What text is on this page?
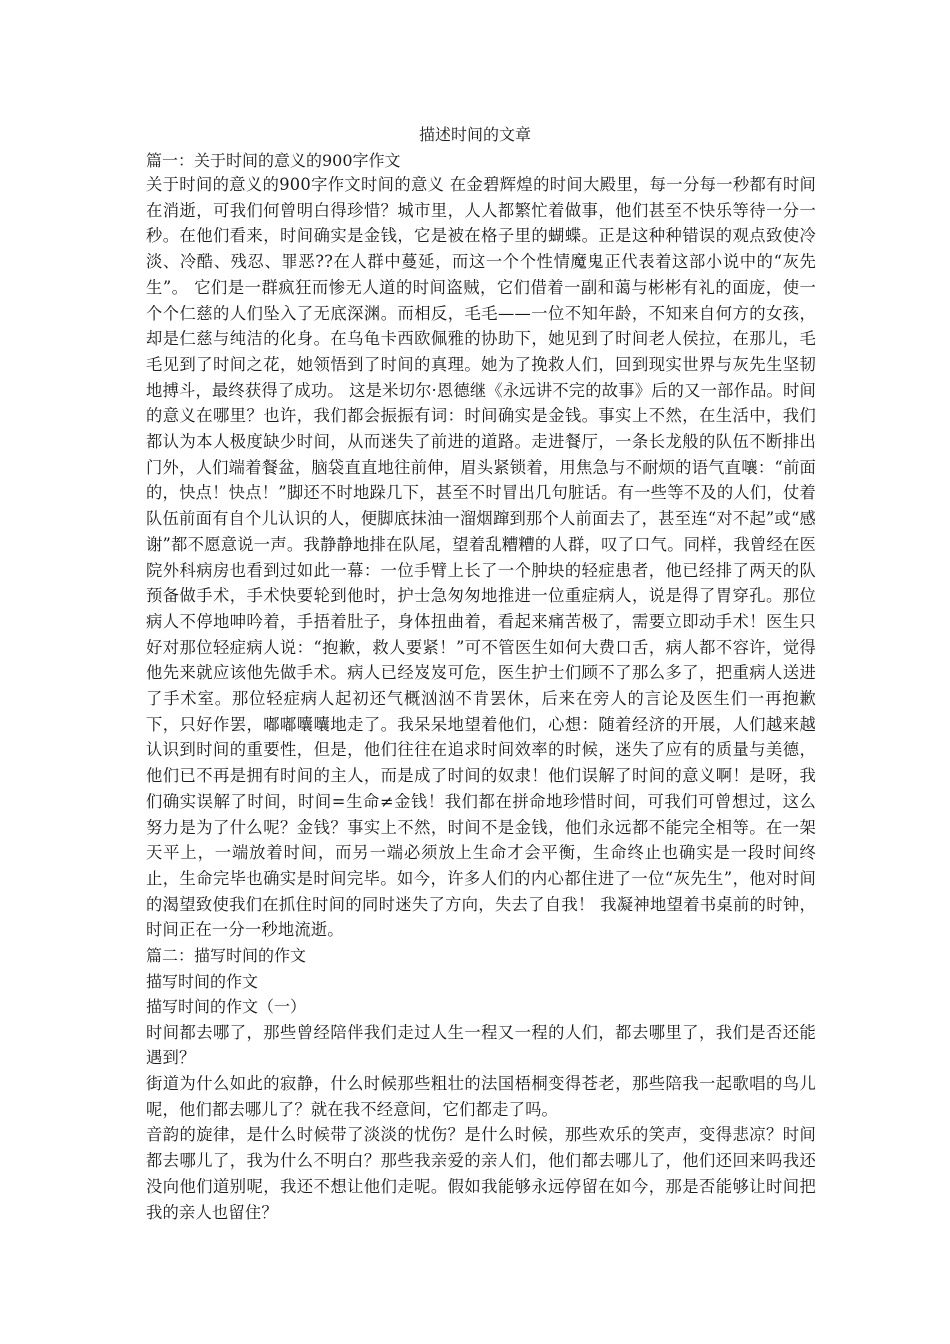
描述时间的文章

篇一：关于时间的意义的900字作文

关于时间的意义的900字作文时间的意义 在金碧辉煌的时间大殿里，每一分每一秒都有时间在消逝，可我们何曾明白得珍惜？城市里，人人都繁忙着做事，他们甚至不快乐等待一分一秒。在他们看来，时间确实是金钱，它是被在格子里的蝴蝶。正是这种种错误的观点致使冷淡、冷酷、残忍、罪恶??在人群中蔓延，而这一个个性情魔鬼正代表着这部小说中的“灰先生”。 它们是一群疯狂而惨无人道的时间盗贼，它们借着一副和蔼与彬彬有礼的面庞，使一个个仁慈的人们坠入了无底深渊。而相反，毛毛——一位不知年龄，不知来自何方的女孩，却是仁慈与纯洁的化身。在乌龟卡西欧佩雅的协助下，她见到了时间老人侯拉，在那儿，毛毛见到了时间之花，她领悟到了时间的真理。她为了挽救人们，回到现实世界与灰先生坚韧地搏斗，最终获得了成功。 这是米切尔·恩德继《永远讲不完的故事》后的又一部作品。时间的意义在哪里？也许，我们都会振振有词：时间确实是金钱。事实上不然，在生活中，我们都认为本人极度缺少时间，从而迷失了前进的道路。走进餐厅，一条长龙般的队伍不断排出门外，人们端着餐盆，脑袋直直地往前伸，眉头紧锁着，用焦急与不耐烦的语气直嚷：“前面的，快点！快点！”脚还不时地跺几下，甚至不时冒出几句脏话。有一些等不及的人们，仗着队伍前面有自个儿认识的人，便脚底抹油一溜烟蹿到那个人前面去了，甚至连“对不起”或“感谢”都不愿意说一声。我静静地排在队尾，望着乱糟糟的人群，叹了口气。同样，我曾经在医院外科病房也看到过如此一幕：一位手臂上长了一个肿块的轻症患者，他已经排了两天的队预备做手术，手术快要轮到他时，护士急匆匆地推进一位重症病人，说是得了胃穿孔。那位病人不停地呻吟着，手捂着肚子，身体扭曲着，看起来痛苦极了，需要立即动手术！医生只好对那位轻症病人说：“抱歉，救人要紧！”可不管医生如何大费口舌，病人都不容许，觉得他先来就应该他先做手术。病人已经岌岌可危，医生护士们顾不了那么多了，把重病人送进了手术室。那位轻症病人起初还气概汹汹不肯罢休，后来在旁人的言论及医生们一再抱歉下，只好作罢，嘟嘟囔囔地走了。我呆呆地望着他们，心想：随着经济的开展，人们越来越认识到时间的重要性，但是，他们往往在追求时间效率的时候，迷失了应有的质量与美德，他们已不再是拥有时间的主人，而是成了时间的奴隶！他们误解了时间的意义啊！是呀，我们确实误解了时间，时间=生命≠金钱！我们都在拼命地珍惜时间，可我们可曾想过，这么努力是为了什么呢？金钱？事实上不然，时间不是金钱，他们永远都不能完全相等。在一架天平上，一端放着时间，而另一端必须放上生命才会平衡，生命终止也确实是一段时间终止，生命完毕也确实是时间完毕。如今，许多人们的内心都住进了一位“灰先生”，他对时间的渴望致使我们在抓住时间的同时迷失了方向，失去了自我！ 我凝神地望着书桌前的时钟，时间正在一分一秒地流逝。

篇二：描写时间的作文

描写时间的作文

描写时间的作文（一）

时间都去哪了，那些曾经陪伴我们走过人生一程又一程的人们，都去哪里了，我们是否还能遇到？

街道为什么如此的寂静，什么时候那些粗壮的法国梧桐变得苍老，那些陪我一起歌唱的鸟儿呢，他们都去哪儿了？就在我不经意间，它们都走了吗。

音韵的旋律，是什么时候带了淡淡的忧伤？是什么时候，那些欢乐的笑声，变得悲凉？时间都去哪儿了，我为什么不明白？那些我亲爱的亲人们，他们都去哪儿了，他们还回来吗我还没向他们道别呢，我还不想让他们走呢。假如我能够永远停留在如今，那是否能够让时间把我的亲人也留住？
